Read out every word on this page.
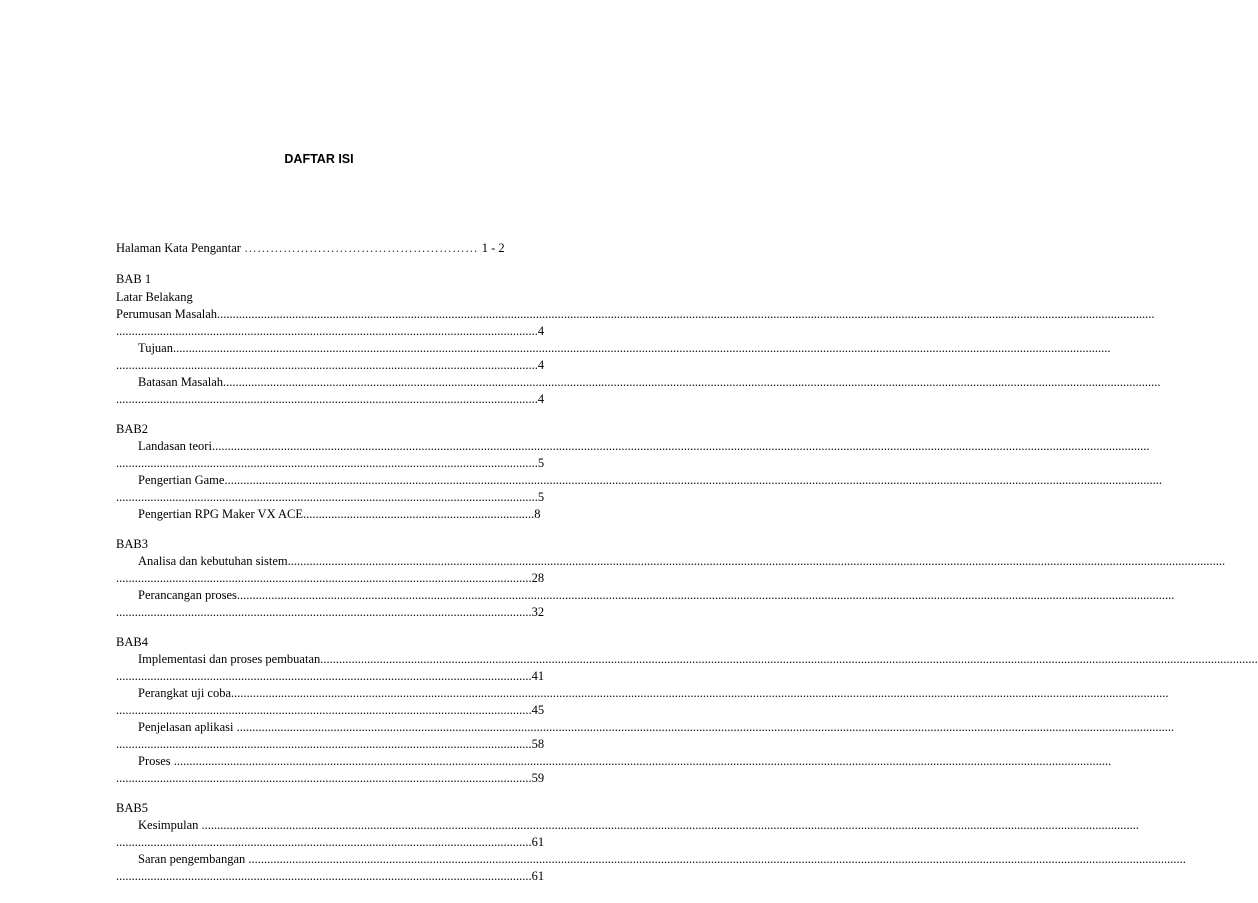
DAFTAR ISI
Halaman Kata Pengantar ……………………………………………… 1 - 2
BAB 1
Latar Belakang
Perumusan Masalah............................................................................................................................................................................................................................................................................................................
.......................................................................................................................................4
Tujuan............................................................................................................................................................................................................................................................................................................
.......................................................................................................................................4
Batasan Masalah............................................................................................................................................................................................................................................................................................................
.......................................................................................................................................4
BAB2
Landasan teori............................................................................................................................................................................................................................................................................................................
.......................................................................................................................................5
Pengertian Game............................................................................................................................................................................................................................................................................................................
.......................................................................................................................................5
Pengertian RPG Maker VX ACE..........................................................................8
BAB3
Analisa dan kebutuhan sistem............................................................................................................................................................................................................................................................................................................
.....................................................................................................................................28
Perancangan proses............................................................................................................................................................................................................................................................................................................
.....................................................................................................................................32
BAB4
Implementasi dan proses pembuatan............................................................................................................................................................................................................................................................................................................
.....................................................................................................................................41
Perangkat uji coba............................................................................................................................................................................................................................................................................................................
.....................................................................................................................................45
Penjelasan aplikasi ............................................................................................................................................................................................................................................................................................................
.....................................................................................................................................58
Proses ............................................................................................................................................................................................................................................................................................................
.....................................................................................................................................59
BAB5
Kesimpulan ............................................................................................................................................................................................................................................................................................................
.....................................................................................................................................61
Saran pengembangan ............................................................................................................................................................................................................................................................................................................
.....................................................................................................................................61
